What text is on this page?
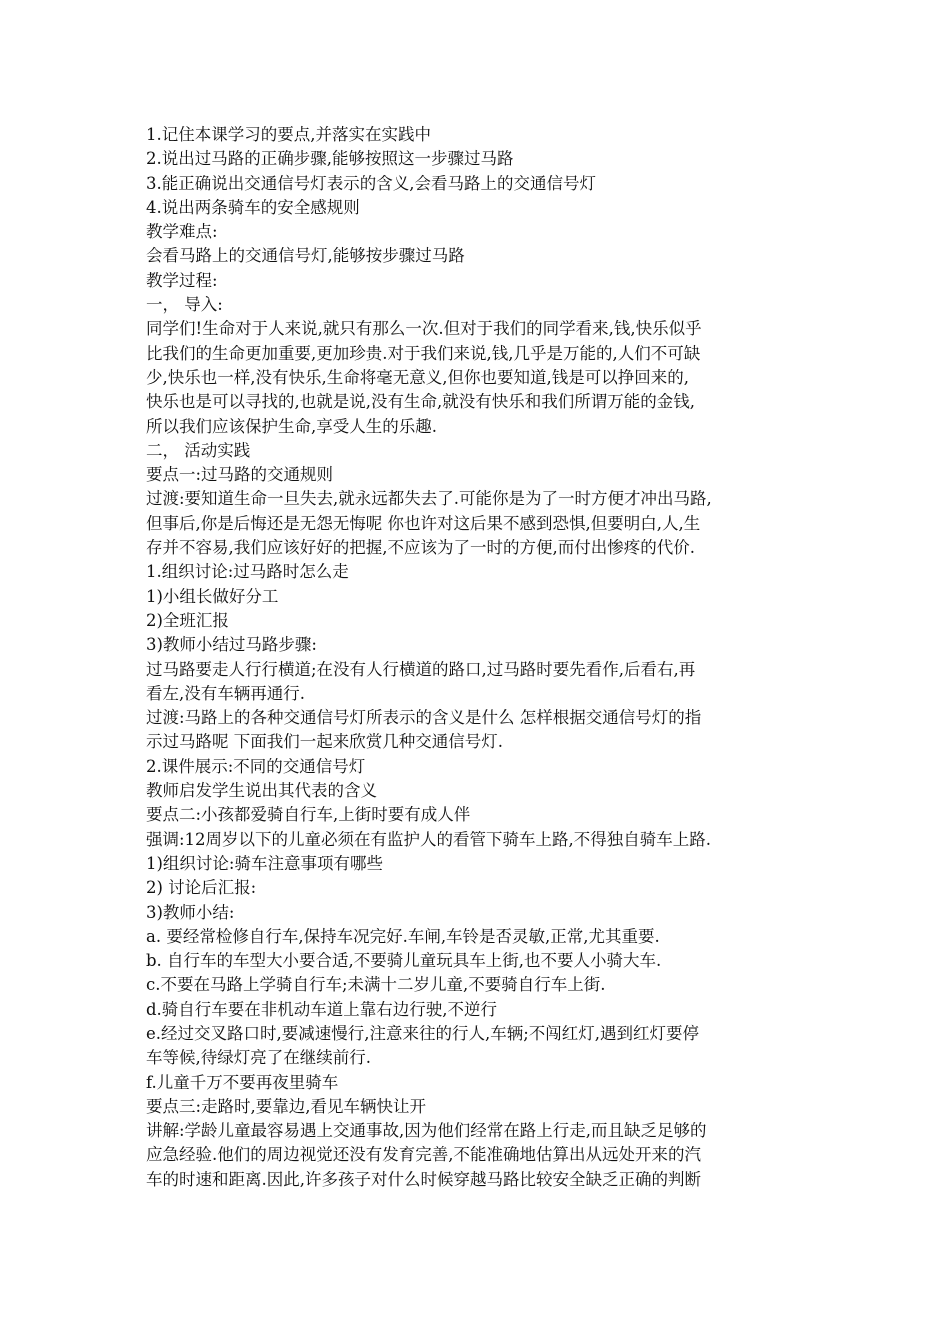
1.记住本课学习的要点,并落实在实践中
2.说出过马路的正确步骤,能够按照这一步骤过马路
3.能正确说出交通信号灯表示的含义,会看马路上的交通信号灯
4.说出两条骑车的安全感规则
教学难点:
会看马路上的交通信号灯,能够按步骤过马路
教学过程:
一， 导入:
同学们!生命对于人来说,就只有那么一次.但对于我们的同学看来,钱,快乐似乎
比我们的生命更加重要,更加珍贵.对于我们来说,钱,几乎是万能的,人们不可缺
少,快乐也一样,没有快乐,生命将毫无意义,但你也要知道,钱是可以挣回来的,
快乐也是可以寻找的,也就是说,没有生命,就没有快乐和我们所谓万能的金钱,
所以我们应该保护生命,享受人生的乐趣.
二， 活动实践
要点一:过马路的交通规则
过渡:要知道生命一旦失去,就永远都失去了.可能你是为了一时方便才冲出马路,
但事后,你是后悔还是无怨无悔呢 你也许对这后果不感到恐惧,但要明白,人,生
存并不容易,我们应该好好的把握,不应该为了一时的方便,而付出惨疼的代价.
1.组织讨论:过马路时怎么走
1)小组长做好分工
2)全班汇报
3)教师小结过马路步骤:
过马路要走人行行横道;在没有人行横道的路口,过马路时要先看作,后看右,再
看左,没有车辆再通行.
过渡:马路上的各种交通信号灯所表示的含义是什么 怎样根据交通信号灯的指
示过马路呢 下面我们一起来欣赏几种交通信号灯.
2.课件展示:不同的交通信号灯
教师启发学生说出其代表的含义
要点二:小孩都爱骑自行车,上街时要有成人伴
强调:12周岁以下的儿童必须在有监护人的看管下骑车上路,不得独自骑车上路.
1)组织讨论:骑车注意事项有哪些
2) 讨论后汇报:
3)教师小结:
a. 要经常检修自行车,保持车况完好.车闸,车铃是否灵敏,正常,尤其重要.
b. 自行车的车型大小要合适,不要骑儿童玩具车上街,也不要人小骑大车.
c.不要在马路上学骑自行车;未满十二岁儿童,不要骑自行车上街.
d.骑自行车要在非机动车道上靠右边行驶,不逆行
e.经过交叉路口时,要减速慢行,注意来往的行人,车辆;不闯红灯,遇到红灯要停
车等候,待绿灯亮了在继续前行.
f.儿童千万不要再夜里骑车
要点三:走路时,要靠边,看见车辆快让开
讲解:学龄儿童最容易遇上交通事故,因为他们经常在路上行走,而且缺乏足够的
应急经验.他们的周边视觉还没有发育完善,不能准确地估算出从远处开来的汽
车的时速和距离.因此,许多孩子对什么时候穿越马路比较安全缺乏正确的判断
